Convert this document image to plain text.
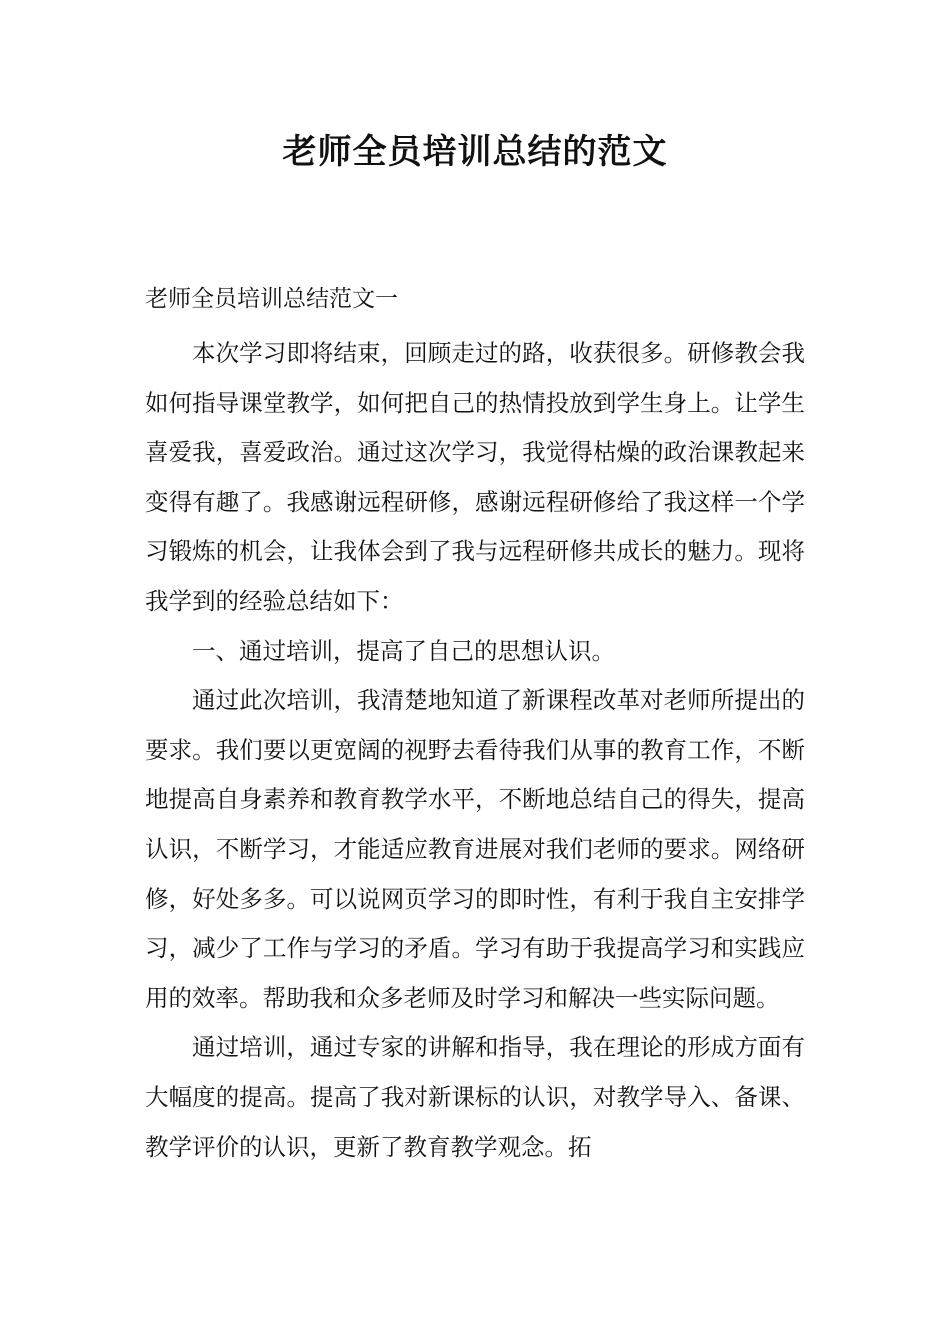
老师全员培训总结的范文

老师全员培训总结范文一

本次学习即将结束，回顾走过的路，收获很多。研修教会我如何指导课堂教学，如何把自己的热情投放到学生身上。让学生喜爱我，喜爱政治。通过这次学习，我觉得枯燥的政治课教起来变得有趣了。我感谢远程研修，感谢远程研修给了我这样一个学习锻炼的机会，让我体会到了我与远程研修共成长的魅力。现将我学到的经验总结如下：

一、通过培训，提高了自己的思想认识。

通过此次培训，我清楚地知道了新课程改革对老师所提出的要求。我们要以更宽阔的视野去看待我们从事的教育工作，不断地提高自身素养和教育教学水平，不断地总结自己的得失，提高认识，不断学习，才能适应教育进展对我们老师的要求。网络研修，好处多多。可以说网页学习的即时性，有利于我自主安排学习，减少了工作与学习的矛盾。学习有助于我提高学习和实践应用的效率。帮助我和众多老师及时学习和解决一些实际问题。

通过培训，通过专家的讲解和指导，我在理论的形成方面有大幅度的提高。提高了我对新课标的认识，对教学导入、备课、教学评价的认识，更新了教育教学观念。拓
